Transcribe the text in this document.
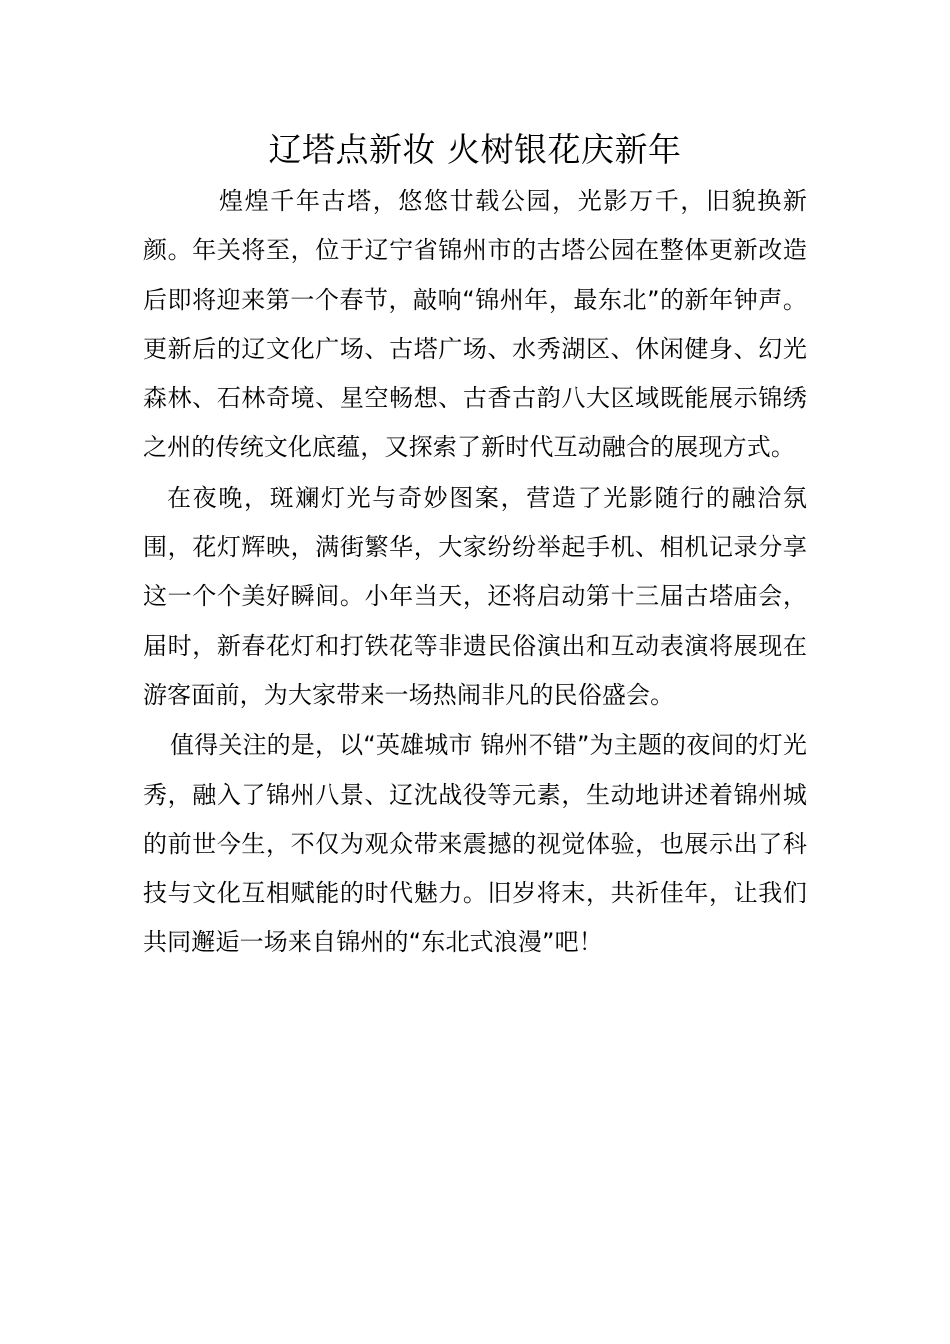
辽塔点新妆 火树银花庆新年

煌煌千年古塔，悠悠廿载公园，光影万千，旧貌换新颜。年关将至，位于辽宁省锦州市的古塔公园在整体更新改造后即将迎来第一个春节，敲响“锦州年，最东北”的新年钟声。更新后的辽文化广场、古塔广场、水秀湖区、休闲健身、幻光森林、石林奇境、星空畅想、古香古韵八大区域既能展示锦绣之州的传统文化底蕴，又探索了新时代互动融合的展现方式。

在夜晚，斑斓灯光与奇妙图案，营造了光影随行的融洽氛围，花灯辉映，满街繁华，大家纷纷举起手机、相机记录分享这一个个美好瞬间。小年当天，还将启动第十三届古塔庙会，届时，新春花灯和打铁花等非遗民俗演出和互动表演将展现在游客面前，为大家带来一场热闹非凡的民俗盛会。

值得关注的是，以“英雄城市 锦州不错”为主题的夜间的灯光秀，融入了锦州八景、辽沈战役等元素，生动地讲述着锦州城的前世今生，不仅为观众带来震撼的视觉体验，也展示出了科技与文化互相赋能的时代魅力。旧岁将末，共祈佳年，让我们共同邂逅一场来自锦州的“东北式浪漫”吧！
